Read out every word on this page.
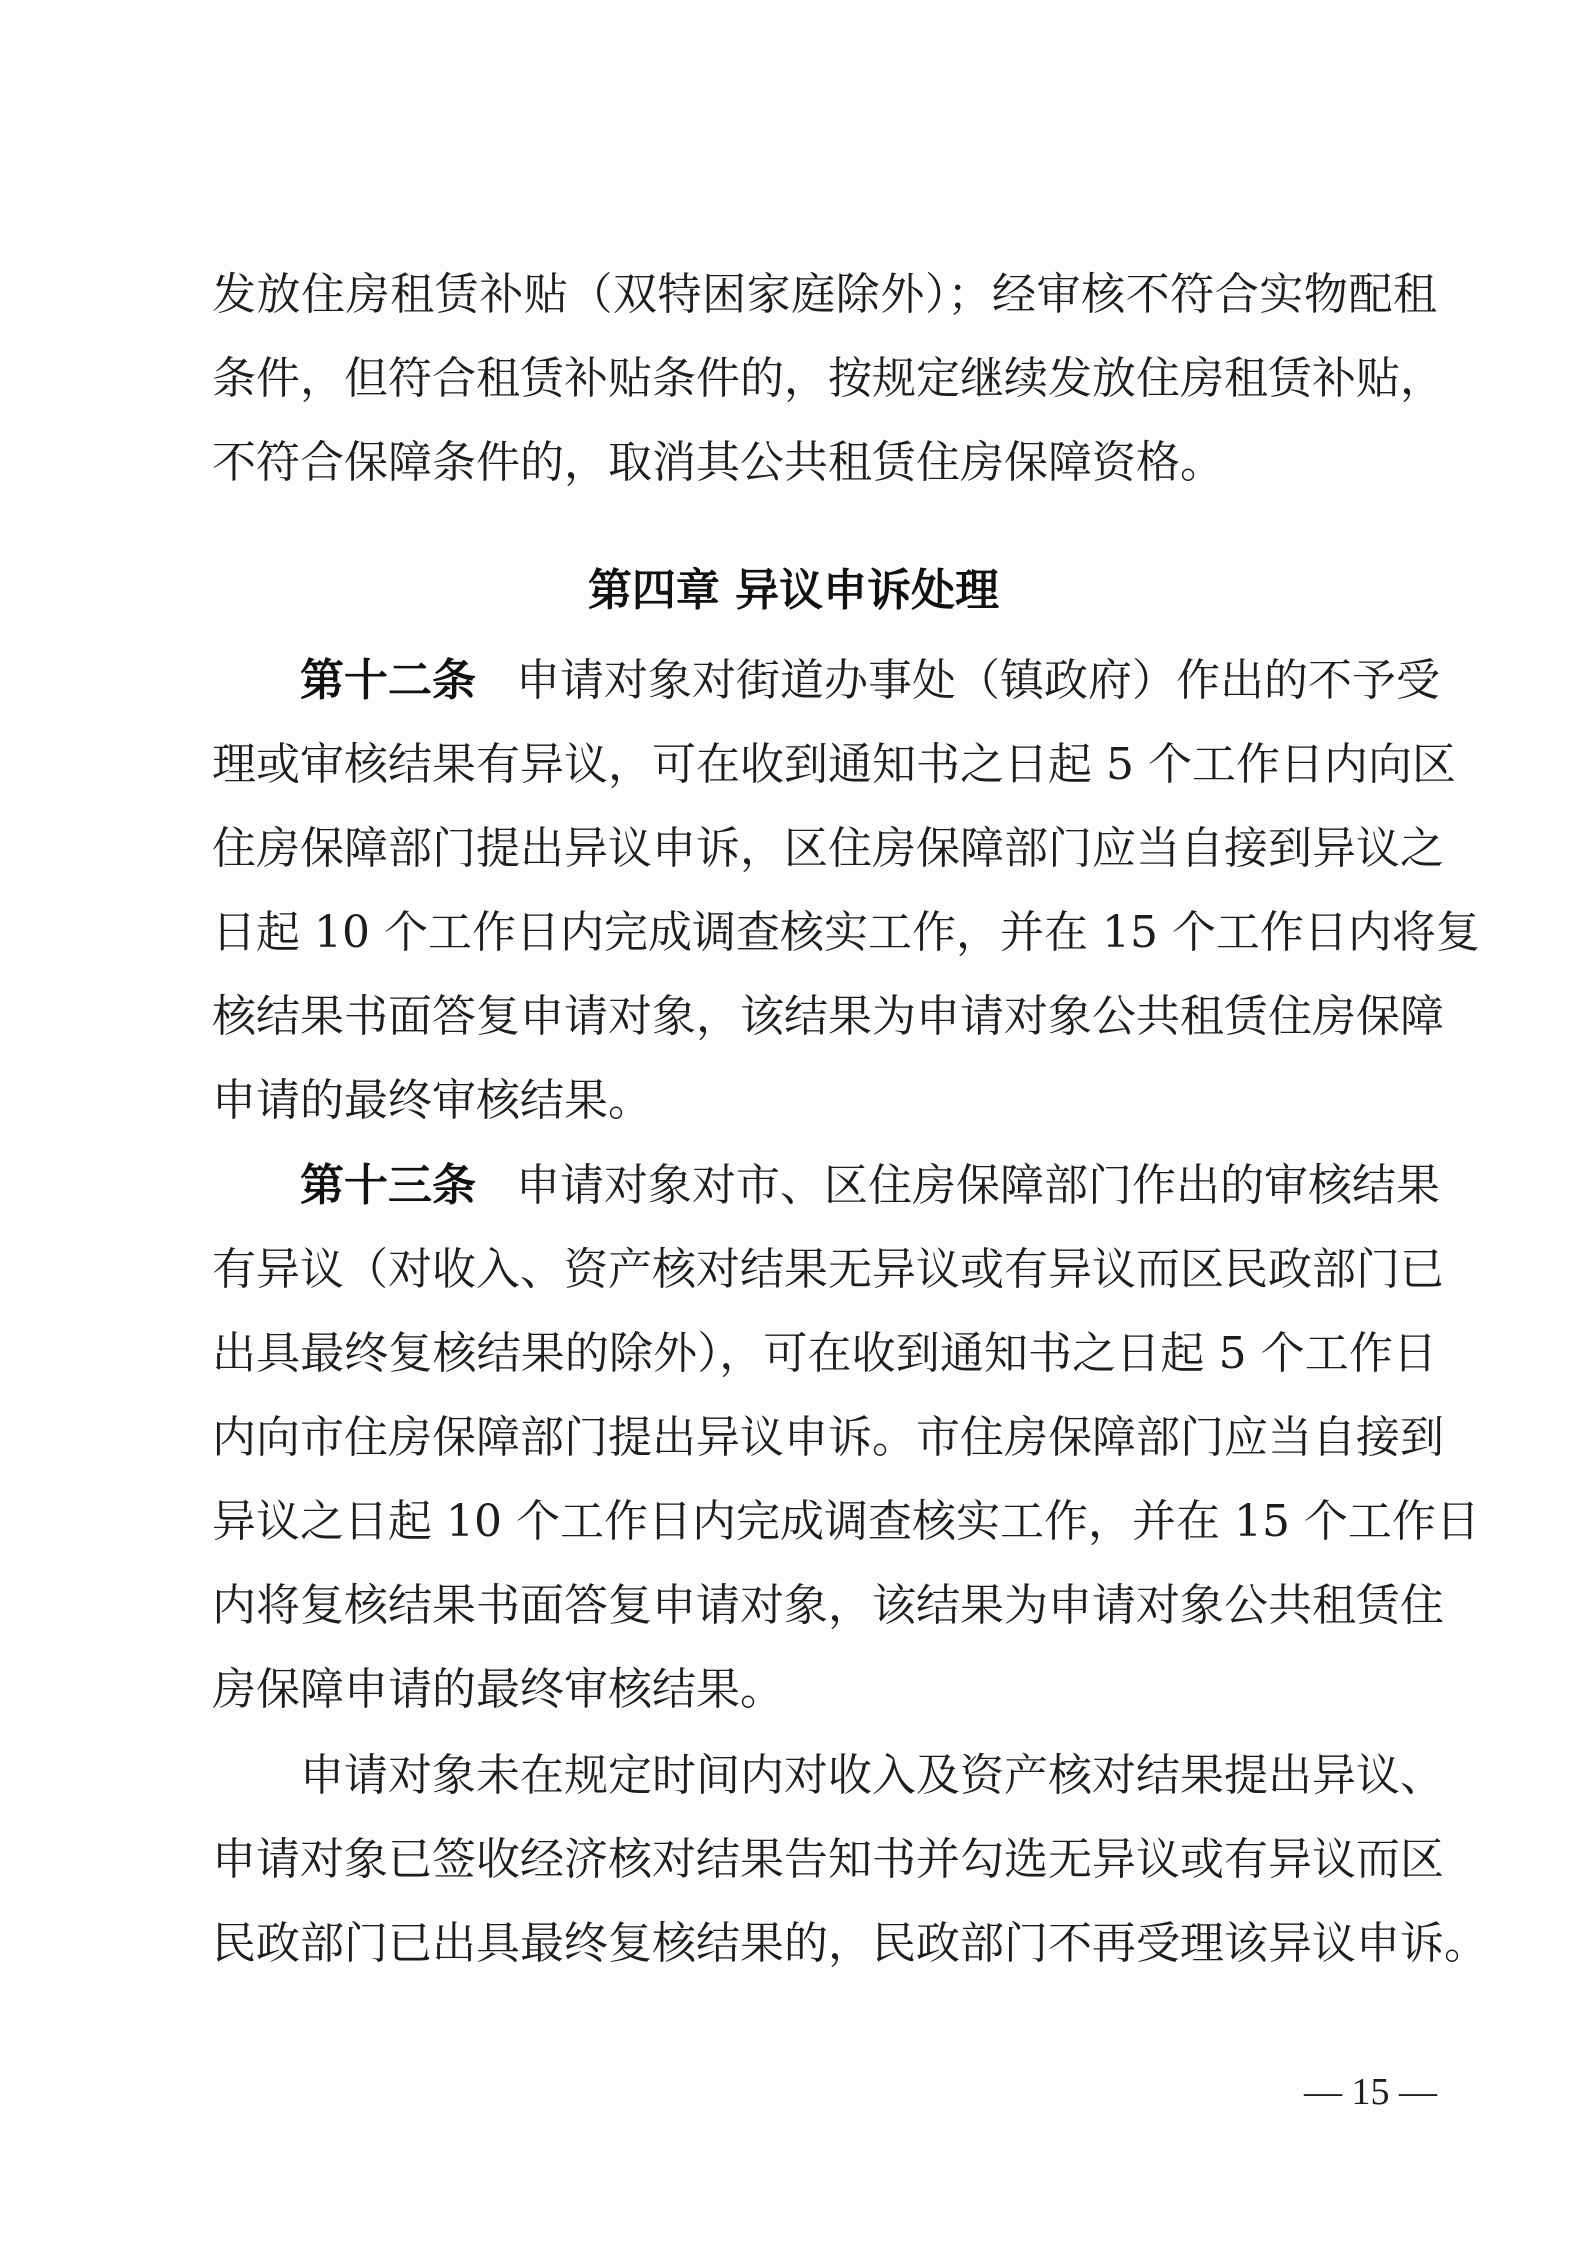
发放住房租赁补贴（双特困家庭除外）；经审核不符合实物配租
条件，但符合租赁补贴条件的，按规定继续发放住房租赁补贴，
不符合保障条件的，取消其公共租赁住房保障资格。
第四章 异议申诉处理
第十二条 申请对象对街道办事处（镇政府）作出的不予受
理或审核结果有异议，可在收到通知书之日起 5 个工作日内向区
住房保障部门提出异议申诉，区住房保障部门应当自接到异议之
日起 10 个工作日内完成调查核实工作，并在 15 个工作日内将复
核结果书面答复申请对象，该结果为申请对象公共租赁住房保障
申请的最终审核结果。
第十三条 申请对象对市、区住房保障部门作出的审核结果
有异议（对收入、资产核对结果无异议或有异议而区民政部门已
出具最终复核结果的除外），可在收到通知书之日起 5 个工作日
内向市住房保障部门提出异议申诉。市住房保障部门应当自接到
异议之日起 10 个工作日内完成调查核实工作，并在 15 个工作日
内将复核结果书面答复申请对象，该结果为申请对象公共租赁住
房保障申请的最终审核结果。
申请对象未在规定时间内对收入及资产核对结果提出异议、
申请对象已签收经济核对结果告知书并勾选无异议或有异议而区
民政部门已出具最终复核结果的，民政部门不再受理该异议申诉。
— 15 —
